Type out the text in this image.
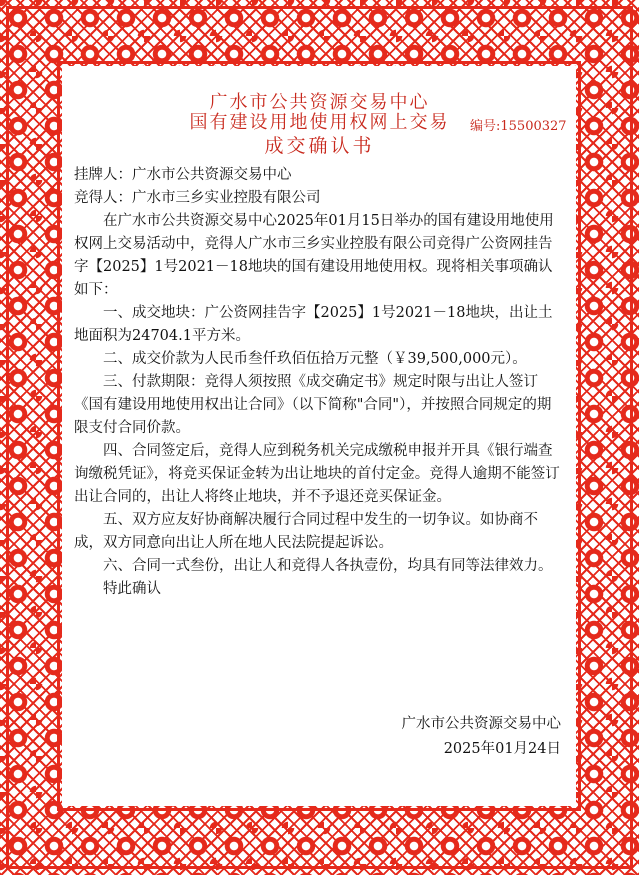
广水市公共资源交易中心
国有建设用地使用权网上交易
成交确认书
编号:15500327

挂牌人：广水市公共资源交易中心

竞得人：广水市三乡实业控股有限公司

在广水市公共资源交易中心2025年01月15日举办的国有建设用地使用权网上交易活动中，竞得人广水市三乡实业控股有限公司竞得广公资网挂告字【2025】1号2021－18地块的国有建设用地使用权。现将相关事项确认如下：

一、成交地块：广公资网挂告字【2025】1号2021－18地块，出让土地面积为24704.1平方米。

二、成交价款为人民币叁仟玖佰伍拾万元整（￥39,500,000元）。

三、付款期限：竞得人须按照《成交确定书》规定时限与出让人签订《国有建设用地使用权出让合同》（以下简称"合同"），并按照合同规定的期限支付合同价款。

四、合同签定后，竞得人应到税务机关完成缴税申报并开具《银行端查询缴税凭证》，将竞买保证金转为出让地块的首付定金。竞得人逾期不能签订出让合同的，出让人将终止地块，并不予退还竞买保证金。

五、双方应友好协商解决履行合同过程中发生的一切争议。如协商不成，双方同意向出让人所在地人民法院提起诉讼。

六、合同一式叁份，出让人和竞得人各执壹份，均具有同等法律效力。

特此确认

广水市公共资源交易中心
2025年01月24日
